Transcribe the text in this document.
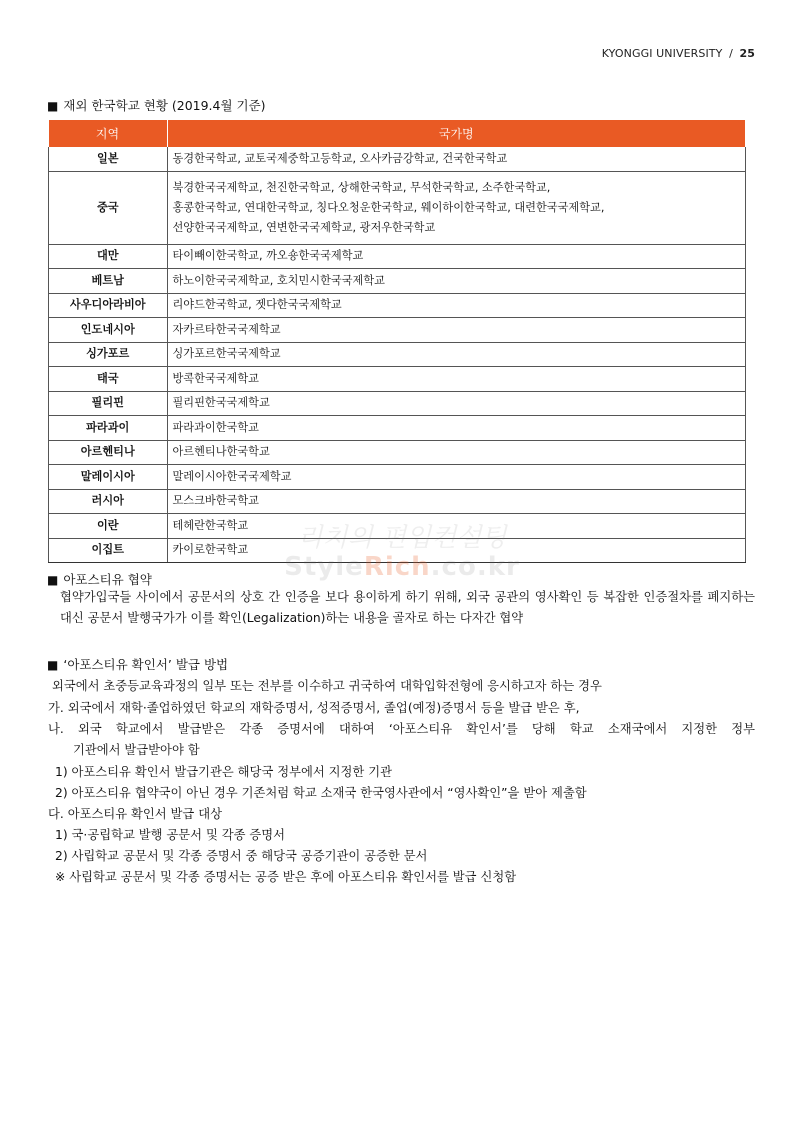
KYONGGI UNIVERSITY / 25
■ 재외 한국학교 현황 (2019.4월 기준)
지역	국가명
일본	동경한국학교, 교토국제중학고등학교, 오사카금강학교, 건국한국학교

중국	북경한국국제학교, 천진한국학교, 상해한국학교, 무석한국학교, 소주한국학교,
홍콩한국학교, 연대한국학교, 칭다오청운한국학교, 웨이하이한국학교, 대련한국국제학교,
선양한국국제학교, 연변한국국제학교, 광저우한국학교

대만	타이빼이한국학교, 까오숑한국국제학교

베트남	하노이한국국제학교, 호치민시한국국제학교

사우디아라비아	리야드한국학교, 젯다한국국제학교

인도네시아	자카르타한국국제학교

싱가포르	싱가포르한국국제학교

태국	방콕한국국제학교

필리핀	필리핀한국국제학교

파라과이	파라과이한국학교

아르헨티나	아르헨티나한국학교

말레이시아	말레이시아한국국제학교

러시아	모스크바한국학교

이란	테헤란한국학교

이집트	카이로한국학교	리치의 편입컨설팅
StyleRich.co.kr
■ 아포스티유 협약
협약가입국들 사이에서 공문서의 상호 간 인증을 보다 용이하게 하기 위해, 외국 공관의 영사확인 등 복잡한 인증절차를 폐지하는 대신 공문서 발행국가가 이를 확인(Legalization)하는 내용을 골자로 하는 다자간 협약
■ ‘아포스티유 확인서’ 발급 방법
외국에서 초중등교육과정의 일부 또는 전부를 이수하고 귀국하여 대학입학전형에 응시하고자 하는 경우
가. 외국에서 재학·졸업하였던 학교의 재학증명서, 성적증명서, 졸업(예정)증명서 등을 발급 받은 후,
나. 외국 학교에서 발급받은 각종 증명서에 대하여 ‘아포스티유 확인서’를 당해 학교 소재국에서 지정한 정부
기관에서 발급받아야 함
1) 아포스티유 확인서 발급기관은 해당국 정부에서 지정한 기관
2) 아포스티유 협약국이 아닌 경우 기존처럼 학교 소재국 한국영사관에서 “영사확인”을 받아 제출함
다. 아포스티유 확인서 발급 대상
1) 국·공립학교 발행 공문서 및 각종 증명서
2) 사립학교 공문서 및 각종 증명서 중 해당국 공증기관이 공증한 문서
※ 사립학교 공문서 및 각종 증명서는 공증 받은 후에 아포스티유 확인서를 발급 신청함
